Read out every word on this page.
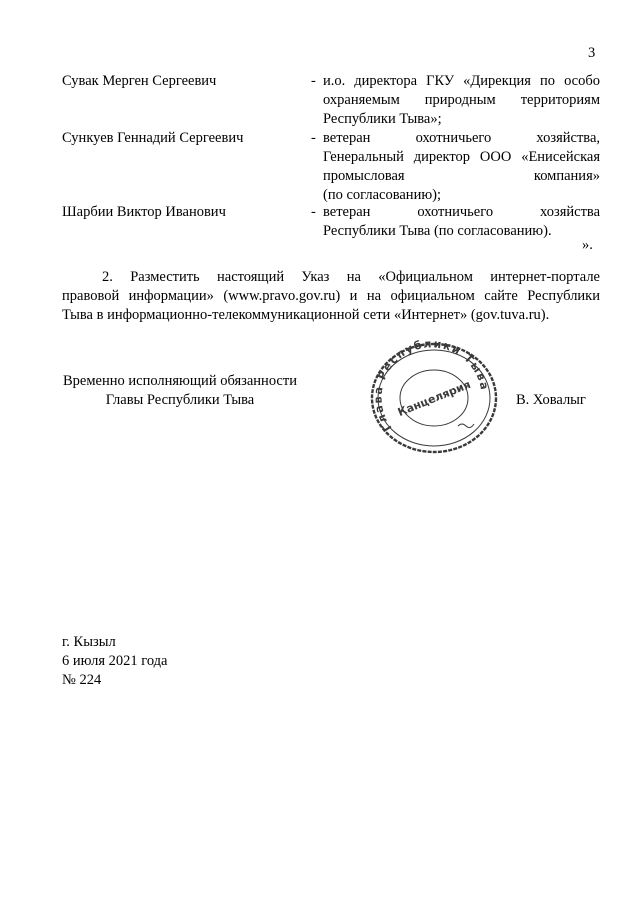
3
Сувак Мерген Сергеевич	- и.о. директора ГКУ «Дирекция по особо
охраняемым природным территориям
Республики Тыва»;
Сункуев Геннадий Сергеевич	- ветеран охотничьего хозяйства,
Генеральный директор ООО «Енисейская
промысловая компания»
(по согласованию);
Шарбии Виктор Иванович	- ветеран охотничьего хозяйства
Республики Тыва (по согласованию).
».
2. Разместить настоящий Указ на «Официальном интернет-портале
правовой информации» (www.pravo.gov.ru) и на официальном сайте Республики
Тыва в информационно-телекоммуникационной сети «Интернет» (gov.tuva.ru).
Временно исполняющий обязанности
Главы Республики Тыва
Глава Республики Тыва
Канцелярия	В. Ховалыг
г. Кызыл
6 июля 2021 года
№ 224
